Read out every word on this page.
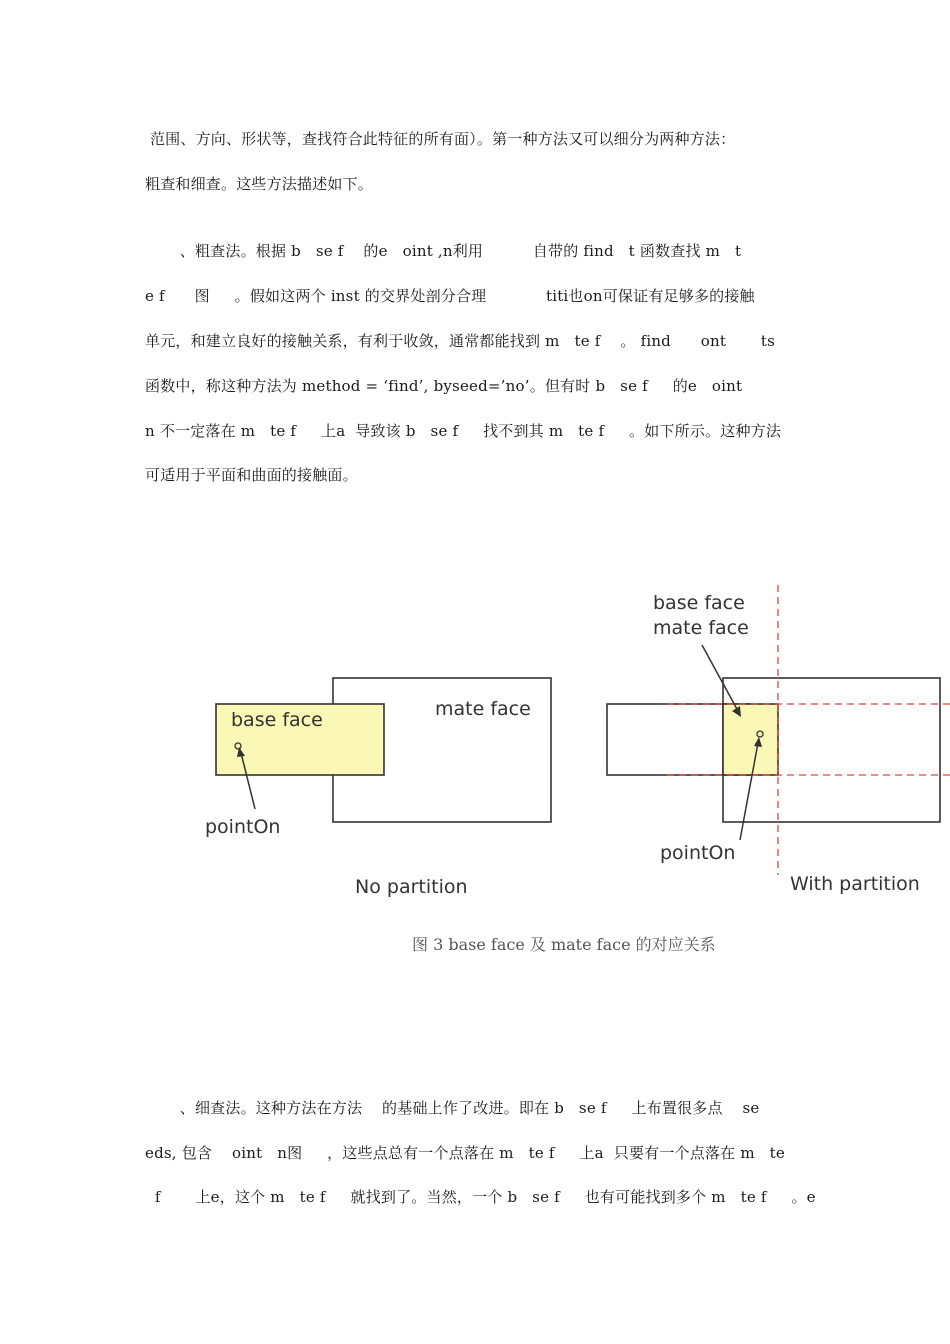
范围、方向、形状等，查找符合此特征的所有面）。第一种方法又可以细分为两种方法：
粗查和细查。这些方法描述如下。
、粗查法。根据 b   se f    的e   oint ,n利用          自带的 find   t 函数查找 m   t
e f      图     。假如这两个 inst 的交界处剖分合理            titi也on可保证有足够多的接触
单元，和建立良好的接触关系，有利于收敛，通常都能找到 m   te f    。 find      ont       ts
函数中，称这种方法为 method = ‘find’, byseed=’no’。但有时 b   se f     的e   oint
n 不一定落在 m   te f     上a  导致该 b   se f     找不到其 m   te f     。如下所示。这种方法
可适用于平面和曲面的接触面。
base face	mate face
pointOn
No partition
base face
mate face
pointOn
With partition
图 3 base face 及 mate face 的对应关系
、细查法。这种方法在方法    的基础上作了改进。即在 b   se f     上布置很多点    se
eds, 包含    oint   n图     ，这些点总有一个点落在 m   te f     上a  只要有一个点落在 m   te
f       上e，这个 m   te f     就找到了。当然，一个 b   se f     也有可能找到多个 m   te f     。e
